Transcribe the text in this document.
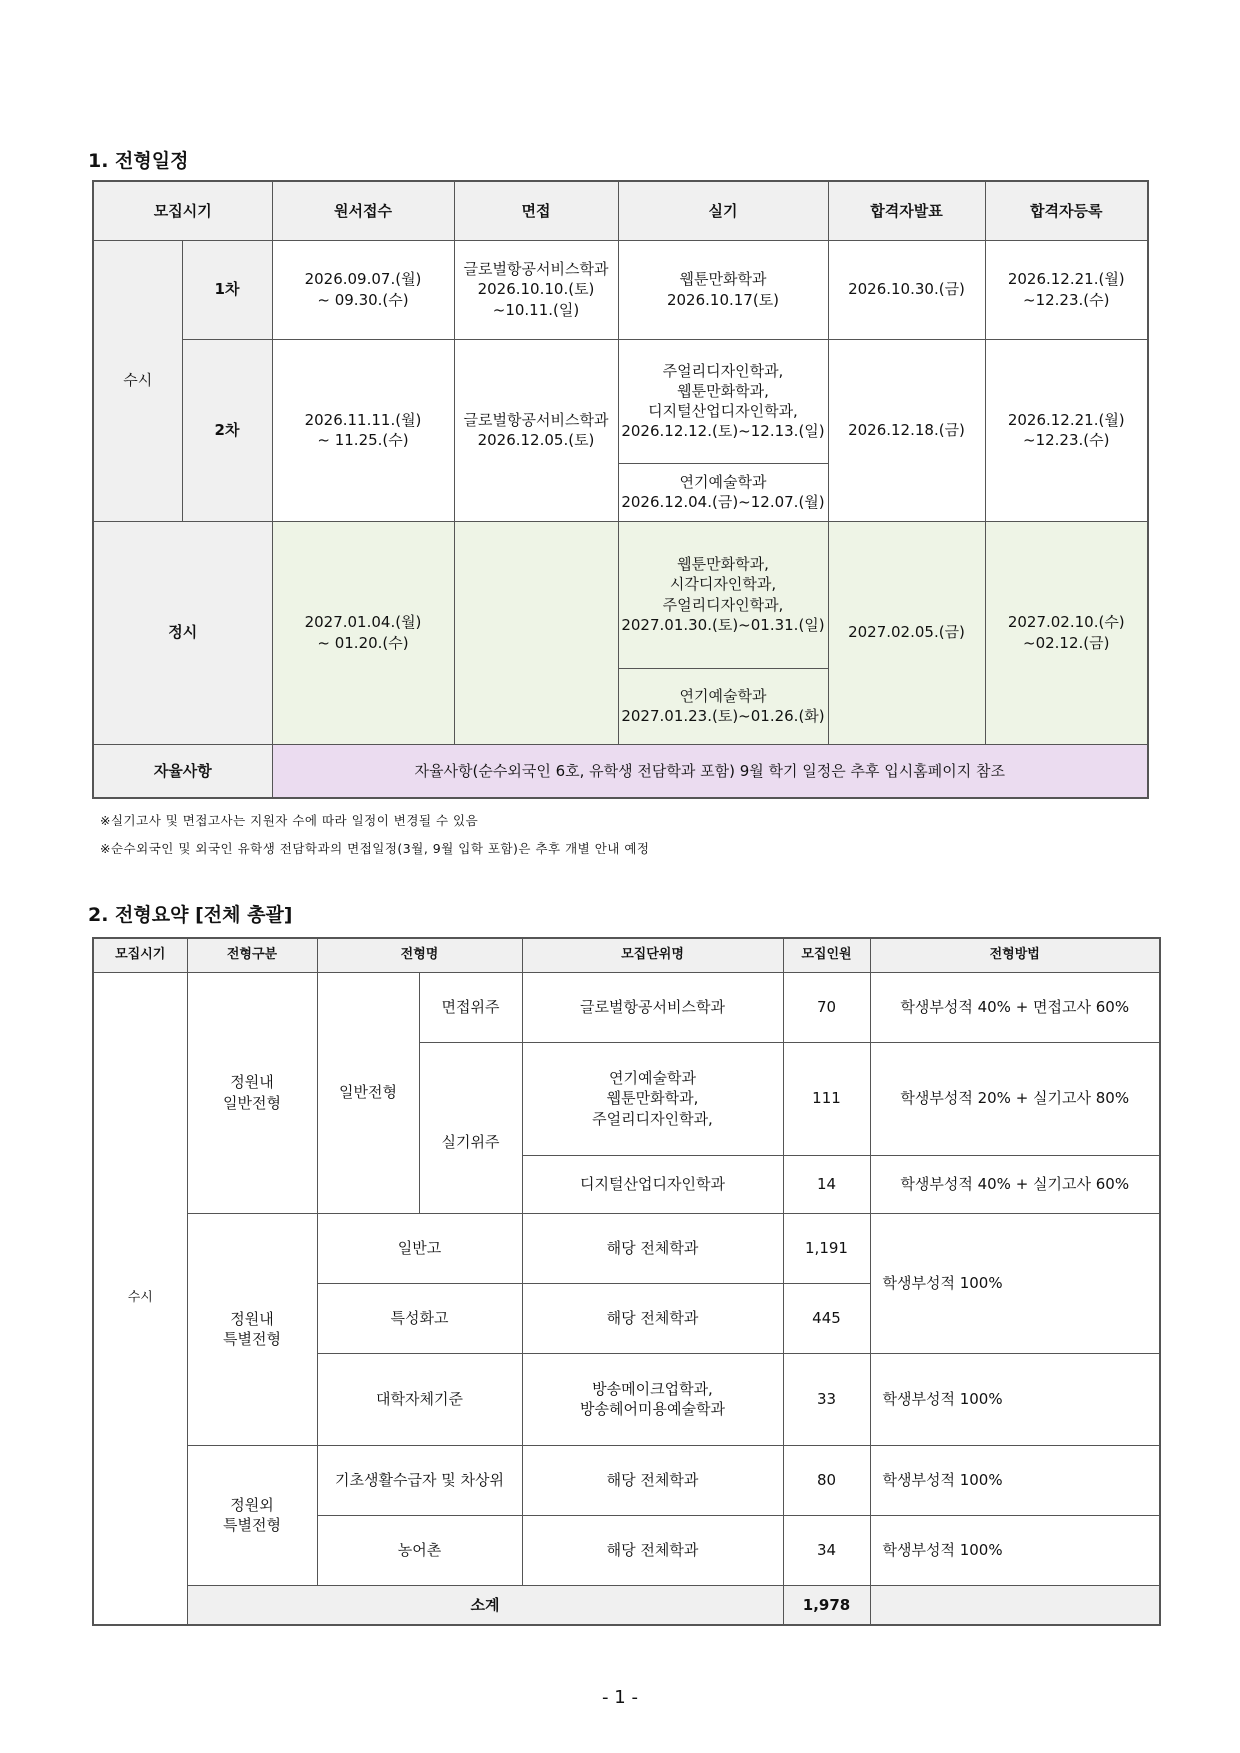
1. 전형일정
모집시기		원서접수	면접	실기	합격자발표	합격자등록
수시	1차	2026.09.07.(월)
~ 09.30.(수)	글로벌항공서비스학과
2026.10.10.(토)
~10.11.(일)	웹툰만화학과
2026.10.17(토)	2026.10.30.(금)	2026.12.21.(월)
~12.23.(수)
	2차	2026.11.11.(월)
~ 11.25.(수)	글로벌항공서비스학과
2026.12.05.(토)	주얼리디자인학과,
웹툰만화학과,
디지털산업디자인학과,
2026.12.12.(토)~12.13.(일)	2026.12.18.(금)	2026.12.21.(월)
~12.23.(수)
				연기예술학과
2026.12.04.(금)~12.07.(월)		
정시		2027.01.04.(월)
~ 01.20.(수)		웹툰만화학과,
시각디자인학과,
주얼리디자인학과,
2027.01.30.(토)~01.31.(일)	2027.02.05.(금)	2027.02.10.(수)
~02.12.(금)
				연기예술학과
2027.01.23.(토)~01.26.(화)		
자율사항		자율사항(순수외국인 6호, 유학생 전담학과 포함) 9월 학기 일정은 추후 입시홈페이지 참조				

※실기고사 및 면접고사는 지원자 수에 따라 일정이 변경될 수 있음

※순수외국인 및 외국인 유학생 전담학과의 면접일정(3월, 9월 입학 포함)은 추후 개별 안내 예정

2. 전형요약 [전체 총괄]
모집시기	전형구분	전형명		모집단위명	모집인원	전형방법
수시	정원내
일반전형	일반전형	면접위주	글로벌항공서비스학과	70	학생부성적 40% + 면접고사 60%
			실기위주	연기예술학과
웹툰만화학과,
주얼리디자인학과,	111	학생부성적 20% + 실기고사 80%
				디지털산업디자인학과	14	학생부성적 40% + 실기고사 60%
	정원내
특별전형	일반고		해당 전체학과	1,191	학생부성적 100%
		특성화고		해당 전체학과	445	
		대학자체기준		방송메이크업학과,
방송헤어미용예술학과	33	학생부성적 100%
	정원외
특별전형	기초생활수급자 및 차상위		해당 전체학과	80	학생부성적 100%
		농어촌		해당 전체학과	34	학생부성적 100%
	소계				1,978	
- 1 -
